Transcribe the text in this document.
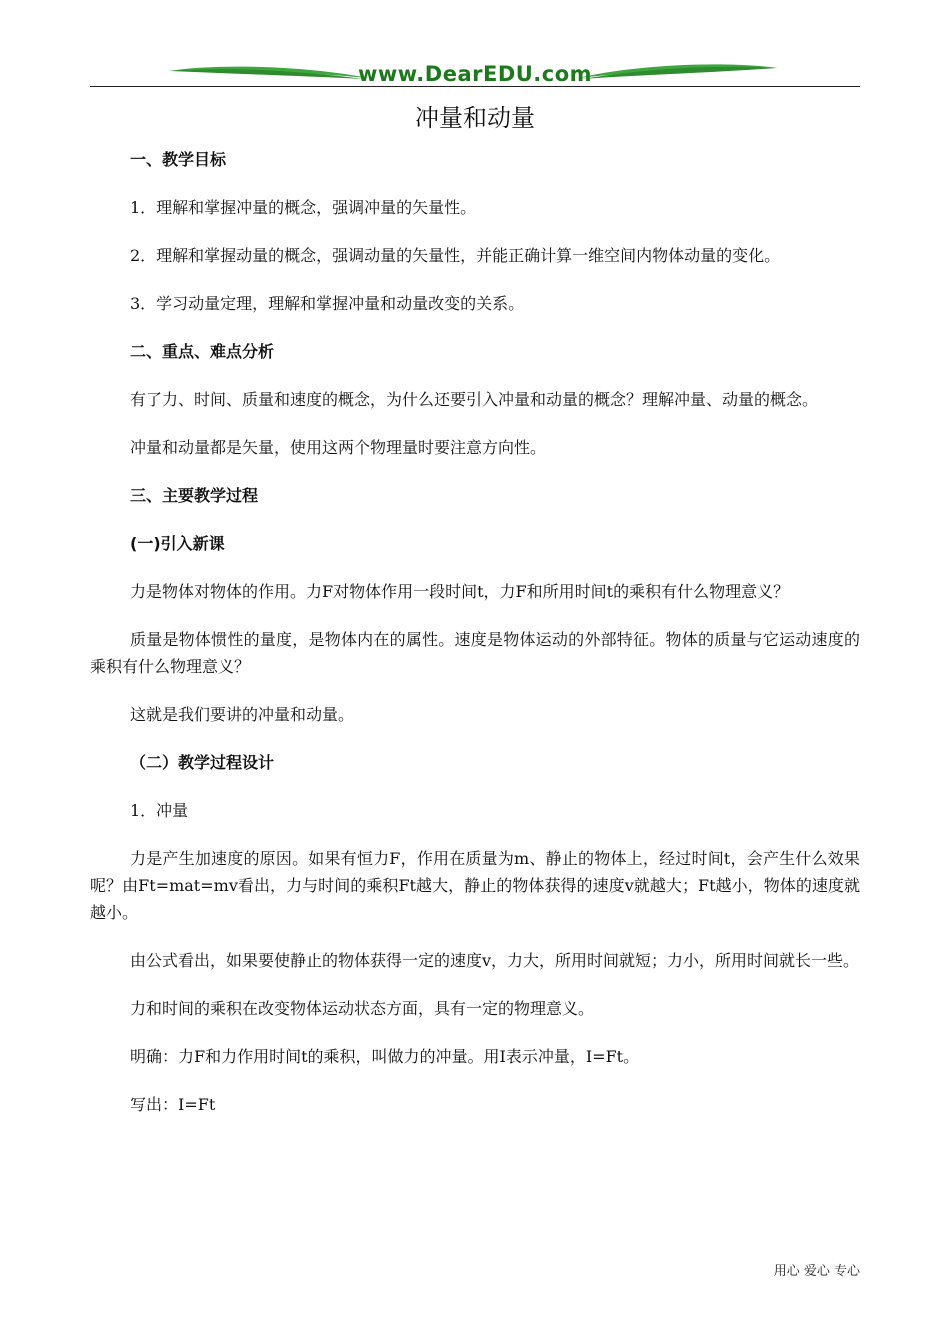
www.DearEDU.com
冲量和动量

一、教学目标

1．理解和掌握冲量的概念，强调冲量的矢量性。

2．理解和掌握动量的概念，强调动量的矢量性，并能正确计算一维空间内物体动量的变化。

3．学习动量定理，理解和掌握冲量和动量改变的关系。

二、重点、难点分析

有了力、时间、质量和速度的概念，为什么还要引入冲量和动量的概念？理解冲量、动量的概念。

冲量和动量都是矢量，使用这两个物理量时要注意方向性。

三、主要教学过程

(一)引入新课

力是物体对物体的作用。力F对物体作用一段时间t，力F和所用时间t的乘积有什么物理意义？

质量是物体惯性的量度，是物体内在的属性。速度是物体运动的外部特征。物体的质量与它运动速度的乘积有什么物理意义？

这就是我们要讲的冲量和动量。

（二）教学过程设计

1．冲量

力是产生加速度的原因。如果有恒力F，作用在质量为m、静止的物体上，经过时间t，会产生什么效果呢？由Ft=mat=mv看出，力与时间的乘积Ft越大，静止的物体获得的速度v就越大；Ft越小，物体的速度就越小。

由公式看出，如果要使静止的物体获得一定的速度v，力大，所用时间就短；力小，所用时间就长一些。

力和时间的乘积在改变物体运动状态方面，具有一定的物理意义。

明确：力F和力作用时间t的乘积，叫做力的冲量。用I表示冲量，I=Ft。

写出：I=Ft

用心 爱心 专心
